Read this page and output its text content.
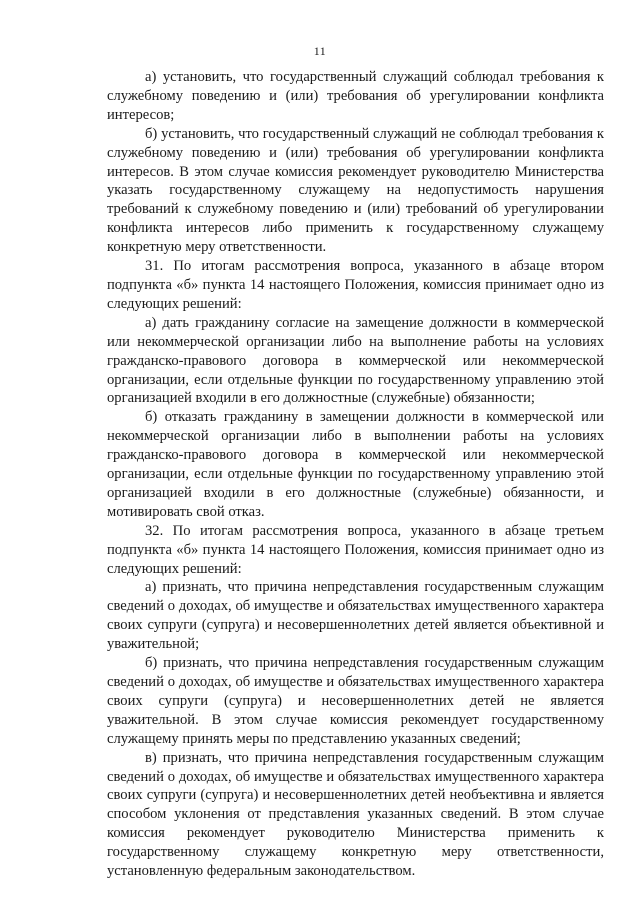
11

а) установить, что государственный служащий соблюдал требования к служебному поведению и (или) требования об урегулировании конфликта интересов;

б) установить, что государственный служащий не соблюдал требования к служебному поведению и (или) требования об урегулировании конфликта интересов. В этом случае комиссия рекомендует руководителю Министерства указать государственному служащему на недопустимость нарушения требований к служебному поведению и (или) требований об урегулировании конфликта интересов либо применить к государственному служащему конкретную меру ответственности.

31. По итогам рассмотрения вопроса, указанного в абзаце втором подпункта «б» пункта 14 настоящего Положения, комиссия принимает одно из следующих решений:

а) дать гражданину согласие на замещение должности в коммерческой или некоммерческой организации либо на выполнение работы на условиях гражданско-правового договора в коммерческой или некоммерческой организации, если отдельные функции по государственному управлению этой организацией входили в его должностные (служебные) обязанности;

б) отказать гражданину в замещении должности в коммерческой или некоммерческой организации либо в выполнении работы на условиях гражданско-правового договора в коммерческой или некоммерческой организации, если отдельные функции по государственному управлению этой организацией входили в его должностные (служебные) обязанности, и мотивировать свой отказ.

32. По итогам рассмотрения вопроса, указанного в абзаце третьем подпункта «б» пункта 14 настоящего Положения, комиссия принимает одно из следующих решений:

а) признать, что причина непредставления государственным служащим сведений о доходах, об имуществе и обязательствах имущественного характера своих супруги (супруга) и несовершеннолетних детей является объективной и уважительной;

б) признать, что причина непредставления государственным служащим сведений о доходах, об имуществе и обязательствах имущественного характера своих супруги (супруга) и несовершеннолетних детей не является уважительной. В этом случае комиссия рекомендует государственному служащему принять меры по представлению указанных сведений;

в) признать, что причина непредставления государственным служащим сведений о доходах, об имуществе и обязательствах имущественного характера своих супруги (супруга) и несовершеннолетних детей необъективна и является способом уклонения от представления указанных сведений. В этом случае комиссия рекомендует руководителю Министерства применить к государственному служащему конкретную меру ответственности, установленную федеральным законодательством.
